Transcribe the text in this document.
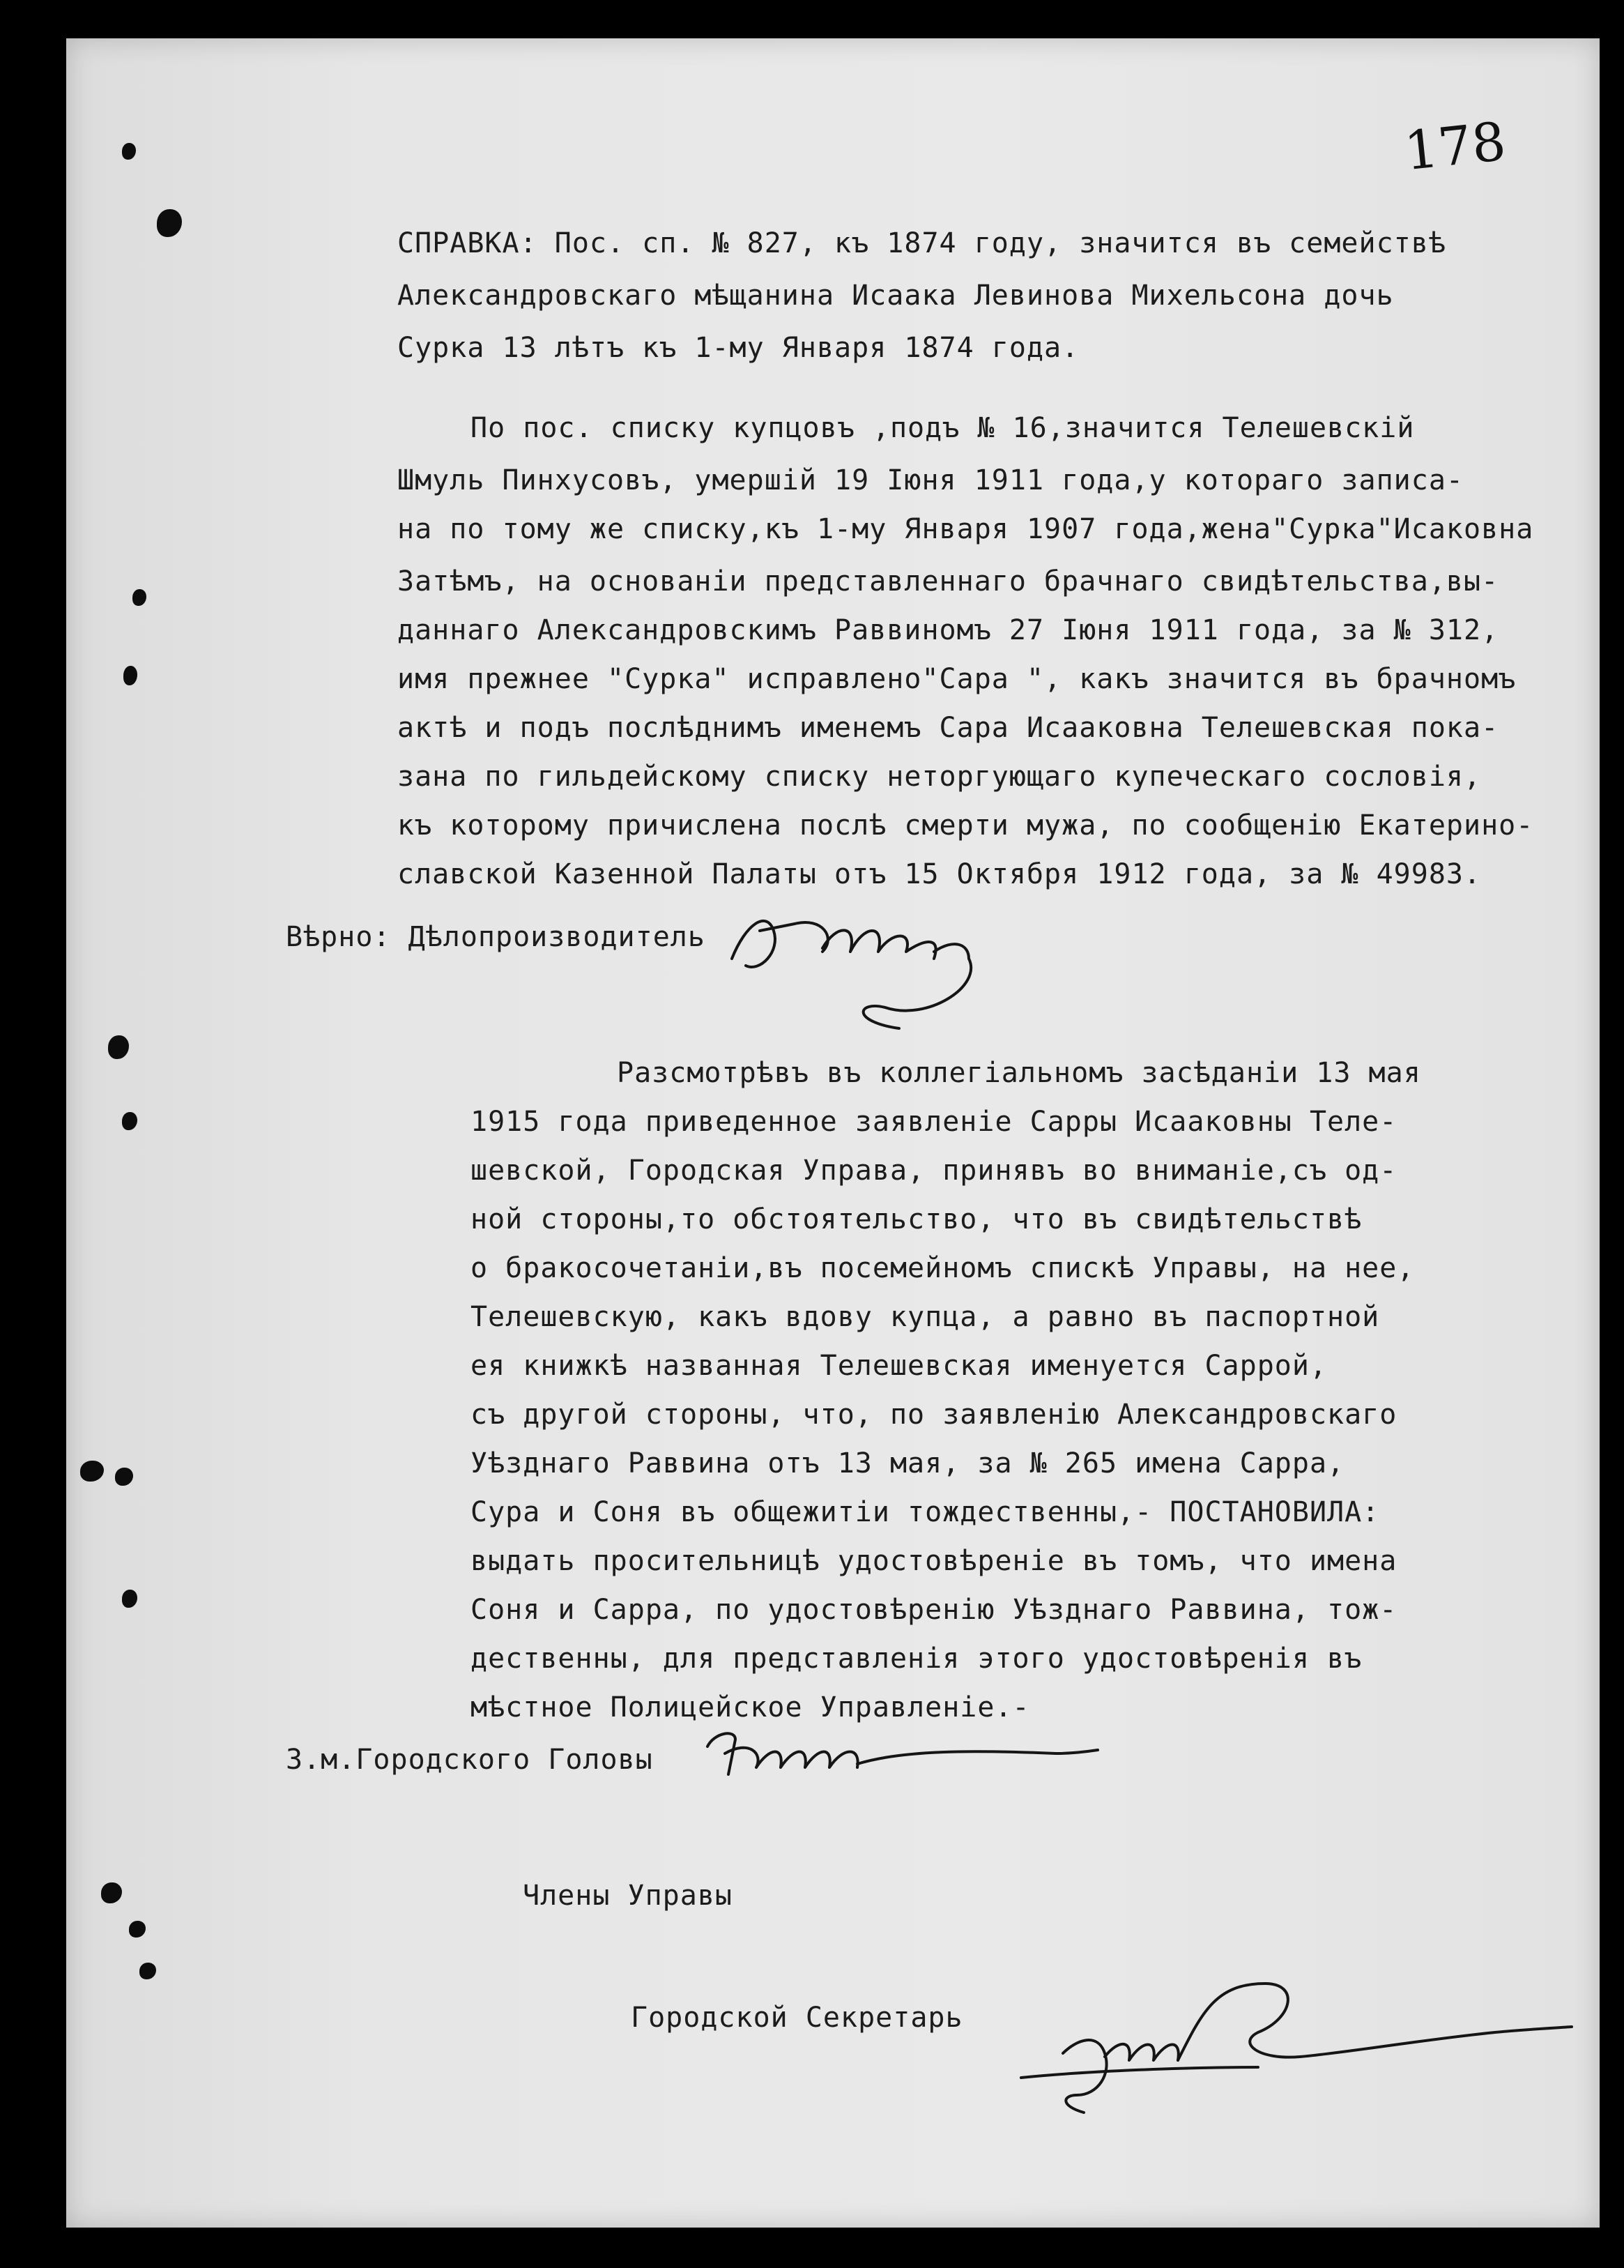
178
СПРАВКА: Пос. сп. № 827, къ 1874 году, значится въ семействѣ
Александровскаго мѣщанина Исаака Левинова Михельсона дочь
Сурка 13 лѣтъ къ 1-му Января 1874 года.
По пос. списку купцовъ ,подъ № 16,значится Телешевскій
Шмуль Пинхусовъ, умершій 19 Іюня 1911 года,у котораго записа-
на по тому же списку,къ 1-му Января 1907 года,жена"Сурка"Исаковна
Затѣмъ, на основаніи представленнаго брачнаго свидѣтельства,вы-
даннаго Александровскимъ Раввиномъ 27 Іюня 1911 года, за № 312,
имя прежнее "Сурка" исправлено"Сара ", какъ значится въ брачномъ
актѣ и подъ послѣднимъ именемъ Сара Исааковна Телешевская пока-
зана по гильдейскому списку неторгующаго купеческаго сословія,
къ которому причислена послѣ смерти мужа, по сообщенію Екатерино-
славской Казенной Палаты отъ 15 Октября 1912 года, за № 49983.
Вѣрно: Дѣлопроизводитель
Разсмотрѣвъ въ коллегіальномъ засѣданіи 13 мая
1915 года приведенное заявленіе Сарры Исааковны Теле-
шевской, Городская Управа, принявъ во вниманіе,съ од-
ной стороны,то обстоятельство, что въ свидѣтельствѣ
о бракосочетаніи,въ посемейномъ спискѣ Управы, на нее,
Телешевскую, какъ вдову купца, а равно въ паспортной
ея книжкѣ названная Телешевская именуется Саррой,
съ другой стороны, что, по заявленію Александровскаго
Уѣзднаго Раввина отъ 13 мая, за № 265 имена Сарра,
Сура и Соня въ общежитіи тождественны,- ПОСТАНОВИЛА:
выдать просительницѣ удостовѣреніе въ томъ, что имена
Соня и Сарра, по удостовѣренію Уѣзднаго Раввина, тож-
дественны, для представленія этого удостовѣренія въ
мѣстное Полицейское Управленіе.-
З.м.Городского Головы
Члены Управы
Городской Секретарь
